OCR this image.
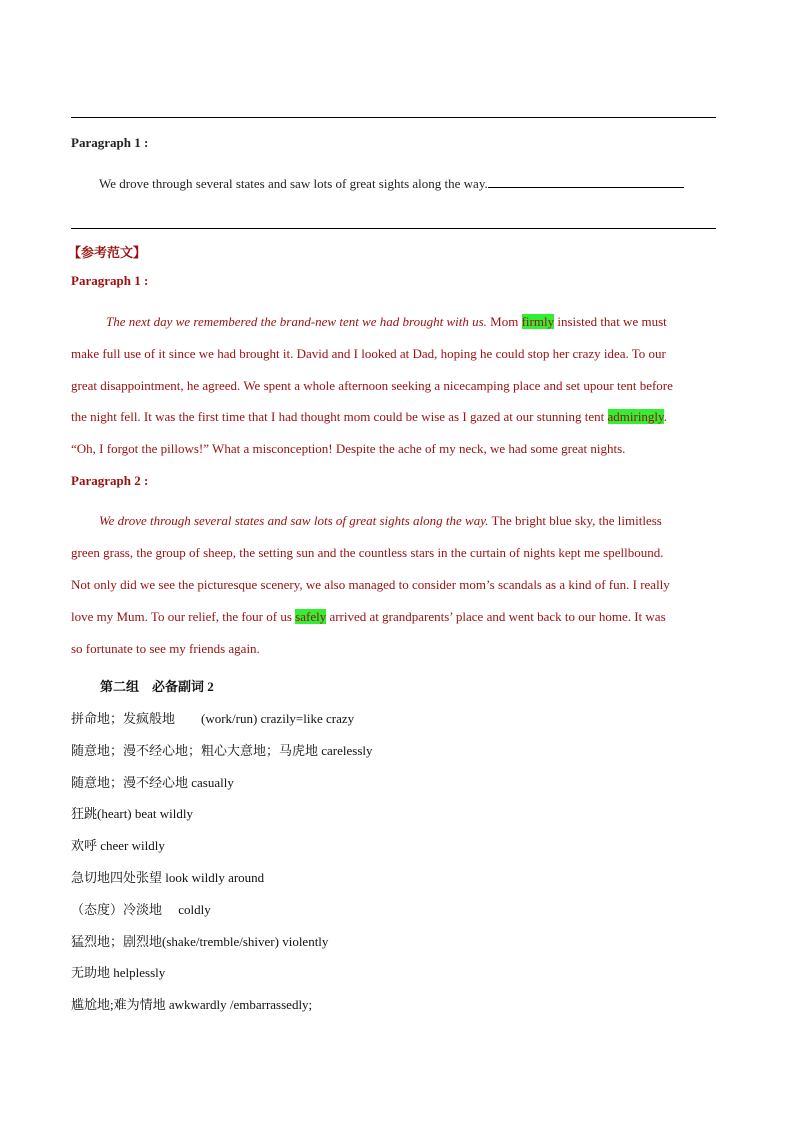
Paragraph 1 :
We drove through several states and saw lots of great sights along the way.
【参考范文】
Paragraph 1 :
The next day we remembered the brand-new tent we had brought with us. Mom firmly insisted that we must
make full use of it since we had brought it. David and I looked at Dad, hoping he could stop her crazy idea. To our
great disappointment, he agreed. We spent a whole afternoon seeking a nicecamping place and set upour tent before
the night fell. It was the first time that I had thought mom could be wise as I gazed at our stunning tent admiringly.
“Oh, I forgot the pillows!” What a misconception! Despite the ache of my neck, we had some great nights.
Paragraph 2 :
We drove through several states and saw lots of great sights along the way. The bright blue sky, the limitless
green grass, the group of sheep, the setting sun and the countless stars in the curtain of nights kept me spellbound.
Not only did we see the picturesque scenery, we also managed to consider mom’s scandals as a kind of fun. I really
love my Mum. To our relief, the four of us safely arrived at grandparents’ place and went back to our home. It was
so fortunate to see my friends again.
第二组　必备副词 2
拼命地；发疯般地　　(work/run) crazily=like crazy
随意地；漫不经心地；粗心大意地；马虎地 carelessly
随意地；漫不经心地 casually
狂跳(heart) beat wildly
欢呼 cheer wildly
急切地四处张望 look wildly around
（态度）冷淡地　 coldly
猛烈地；剧烈地(shake/tremble/shiver) violently
无助地 helplessly
尴尬地;难为情地 awkwardly /embarrassedly;
